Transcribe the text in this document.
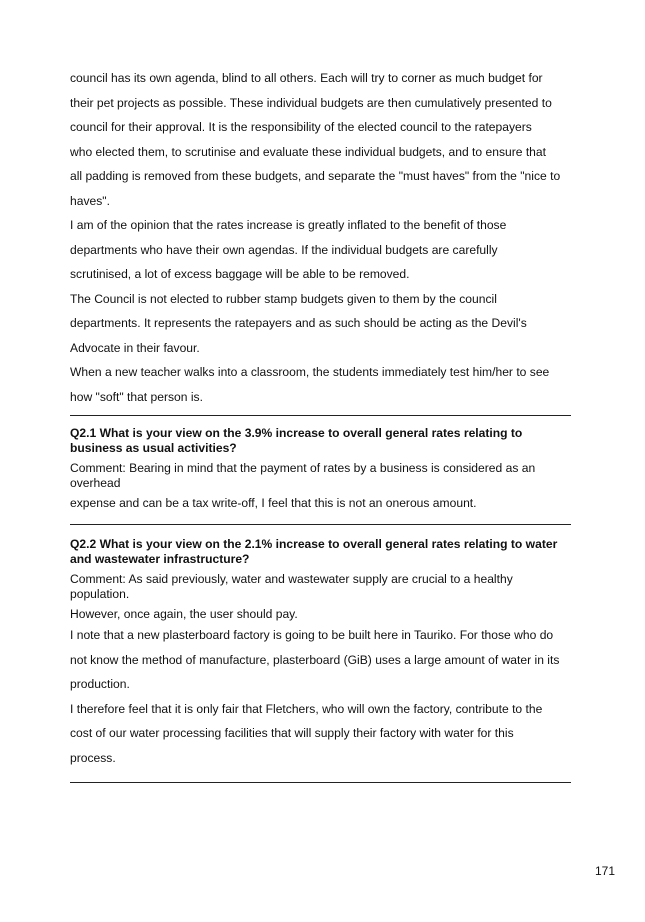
council has its own agenda, blind to all others. Each will try to corner as much budget for

their pet projects as possible. These individual budgets are then cumulatively presented to

council for their approval. It is the responsibility of the elected council to the ratepayers

who elected them, to scrutinise and evaluate these individual budgets, and to ensure that

all padding is removed from these budgets, and separate the "must haves" from the "nice to

haves".

I am of the opinion that the rates increase is greatly inflated to the benefit of those

departments who have their own agendas. If the individual budgets are carefully

scrutinised, a lot of excess baggage will be able to be removed.

The Council is not elected to rubber stamp budgets given to them by the council

departments. It represents the ratepayers and as such should be acting as the Devil's

Advocate in their favour.

When a new teacher walks into a classroom, the students immediately test him/her to see

how "soft" that person is.

Q2.1 What is your view on the 3.9% increase to overall general rates relating to
business as usual activities?

Comment: Bearing in mind that the payment of rates by a business is considered as an
overhead

expense and can be a tax write-off, I feel that this is not an onerous amount.

Q2.2 What is your view on the 2.1% increase to overall general rates relating to water
and wastewater infrastructure?

Comment: As said previously, water and wastewater supply are crucial to a healthy
population.

However, once again, the user should pay.

I note that a new plasterboard factory is going to be built here in Tauriko. For those who do

not know the method of manufacture, plasterboard (GiB) uses a large amount of water in its

production.

I therefore feel that it is only fair that Fletchers, who will own the factory, contribute to the

cost of our water processing facilities that will supply their factory with water for this

process.

171
